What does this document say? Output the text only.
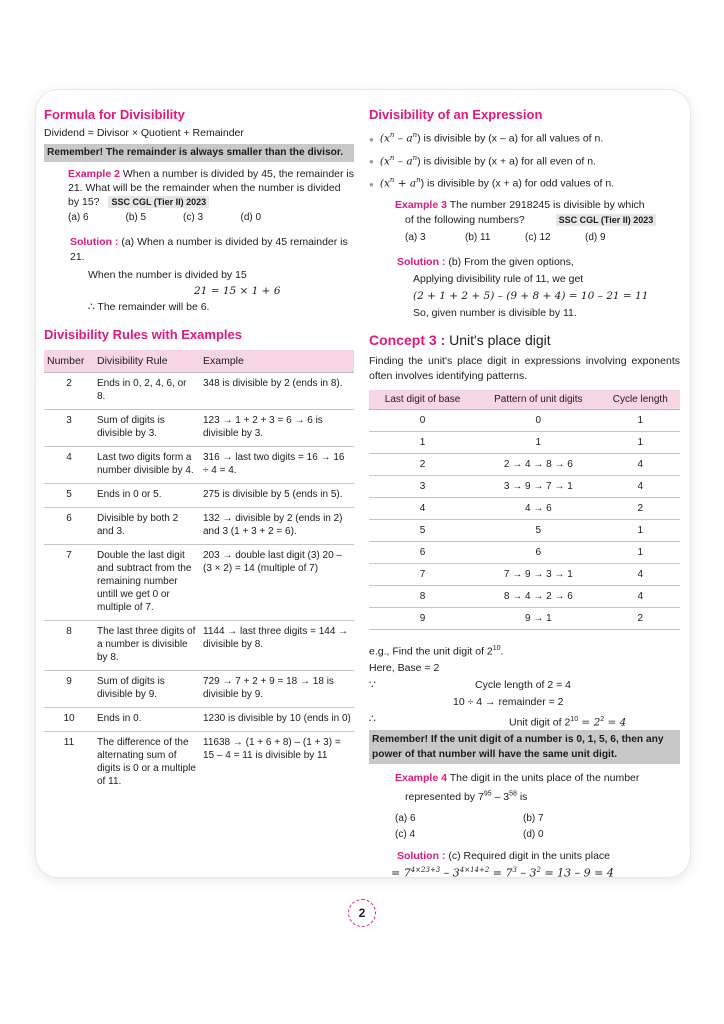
Formula for Divisibility
Dividend = Divisor × Quotient + Remainder
Remember! The remainder is always smaller than the divisor.
Example 2 When a number is divided by 45, the remainder is 21. What will be the remainder when the number is divided by 15? SSC CGL (Tier II) 2023
(a) 6	(b) 5	(c) 3	(d) 0
Solution : (a) When a number is divided by 45 remainder is 21.
When the number is divided by 15
21 = 15 × 1 + 6
∴ The remainder will be 6.
Divisibility Rules with Examples
Number	Divisibility Rule	Example
2	Ends in 0, 2, 4, 6, or 8.	348 is divisible by 2 (ends in 8).
3	Sum of digits is divisible by 3.	123 → 1 + 2 + 3 = 6 → 6 is divisible by 3.
4	Last two digits form a number divisible by 4.	316 → last two digits = 16 → 16 ÷ 4 = 4.
5	Ends in 0 or 5.	275 is divisible by 5 (ends in 5).
6	Divisible by both 2 and 3.	132 → divisible by 2 (ends in 2) and 3 (1 + 3 + 2 = 6).
7	Double the last digit and subtract from the remaining number untill we get 0 or multiple of 7.	203 → double last digit (3) 20 – (3 × 2) = 14 (multiple of 7)
8	The last three digits of a number is divisible by 8.	1144 → last three digits = 144 → divisible by 8.
9	Sum of digits is divisible by 9.	729 → 7 + 2 + 9 = 18 → 18 is divisible by 9.
10	Ends in 0.	1230 is divisible by 10 (ends in 0)
11	The difference of the alternating sum of digits is 0 or a multiple of 11.	11638 → (1 + 6 + 8) – (1 + 3) = 15 – 4 = 11 is divisible by 11
Divisibility of an Expression
● $(x^n - a^n)$ is divisible by (x – a) for all values of n.
● $(x^n - a^n)$ is divisible by (x + a) for all even of n.
● $(x^n + a^n)$ is divisible by (x + a) for odd values of n.
Example 3 The number 2918245 is divisible by which
of the following numbers?	SSC CGL (Tier II) 2023
(a) 3	(b) 11	(c) 12	(d) 9
Solution : (b) From the given options,
Applying divisibility rule of 11, we get
(2 + 1 + 2 + 5) – (9 + 8 + 4) = 10 – 21 = 11
So, given number is divisible by 11.
Concept 3 : Unit's place digit
Finding the unit's place digit in expressions involving exponents often involves identifying patterns.
Last digit of base	Pattern of unit digits	Cycle length
0	0	1
1	1	1
2	2 → 4 → 8 → 6	4
3	3 → 9 → 7 → 1	4
4	4 → 6	2
5	5	1
6	6	1
7	7 → 9 → 3 → 1	4
8	8 → 4 → 2 → 6	4
9	9 → 1	2
e.g., Find the unit digit of $2^{10}$.
Here, Base = 2
∵	Cycle length of 2 = 4
10 ÷ 4 → remainder = 2
∴	Unit digit of $2^{10} = 2^2 = 4$
Remember! If the unit digit of a number is 0, 1, 5, 6, then any power of that number will have the same unit digit.
Example 4 The digit in the units place of the number
represented by $7^{95} - 3^{58}$ is
(a) 6	(b) 7
(c) 4	(d) 0
Solution : (c) Required digit in the units place
= $7^{4\times 23+3} - 3^{4\times 14+2} = 7^3 - 3^2 = 13 - 9 = 4$
2
